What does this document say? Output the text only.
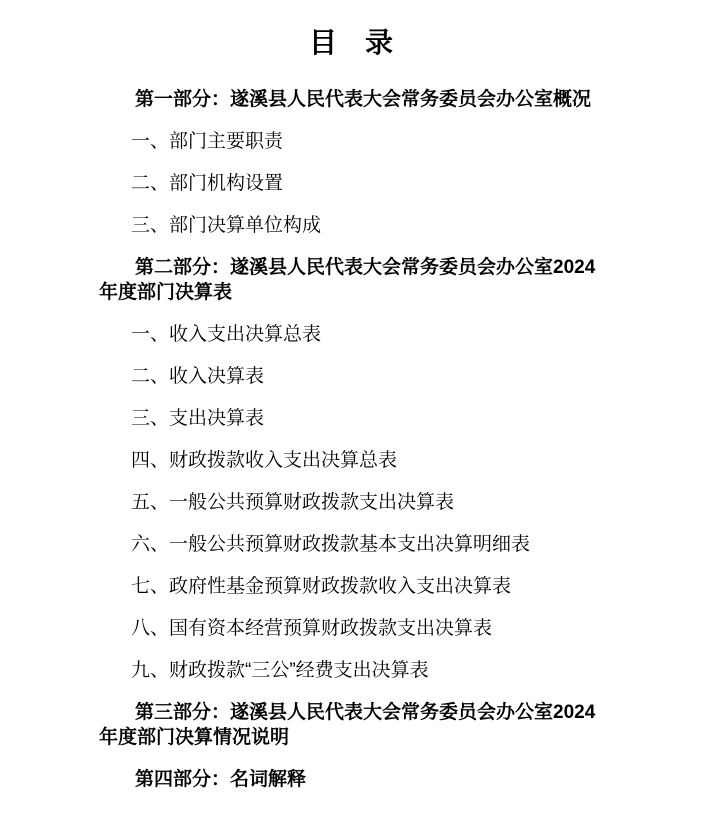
目　录

第一部分：遂溪县人民代表大会常务委员会办公室概况

一、部门主要职责

二、部门机构设置

三、部门决算单位构成

第二部分：遂溪县人民代表大会常务委员会办公室2024年度部门决算表

一、收入支出决算总表

二、收入决算表

三、支出决算表

四、财政拨款收入支出决算总表

五、一般公共预算财政拨款支出决算表

六、一般公共预算财政拨款基本支出决算明细表

七、政府性基金预算财政拨款收入支出决算表

八、国有资本经营预算财政拨款支出决算表

九、财政拨款“三公”经费支出决算表

第三部分：遂溪县人民代表大会常务委员会办公室2024年度部门决算情况说明

第四部分：名词解释
